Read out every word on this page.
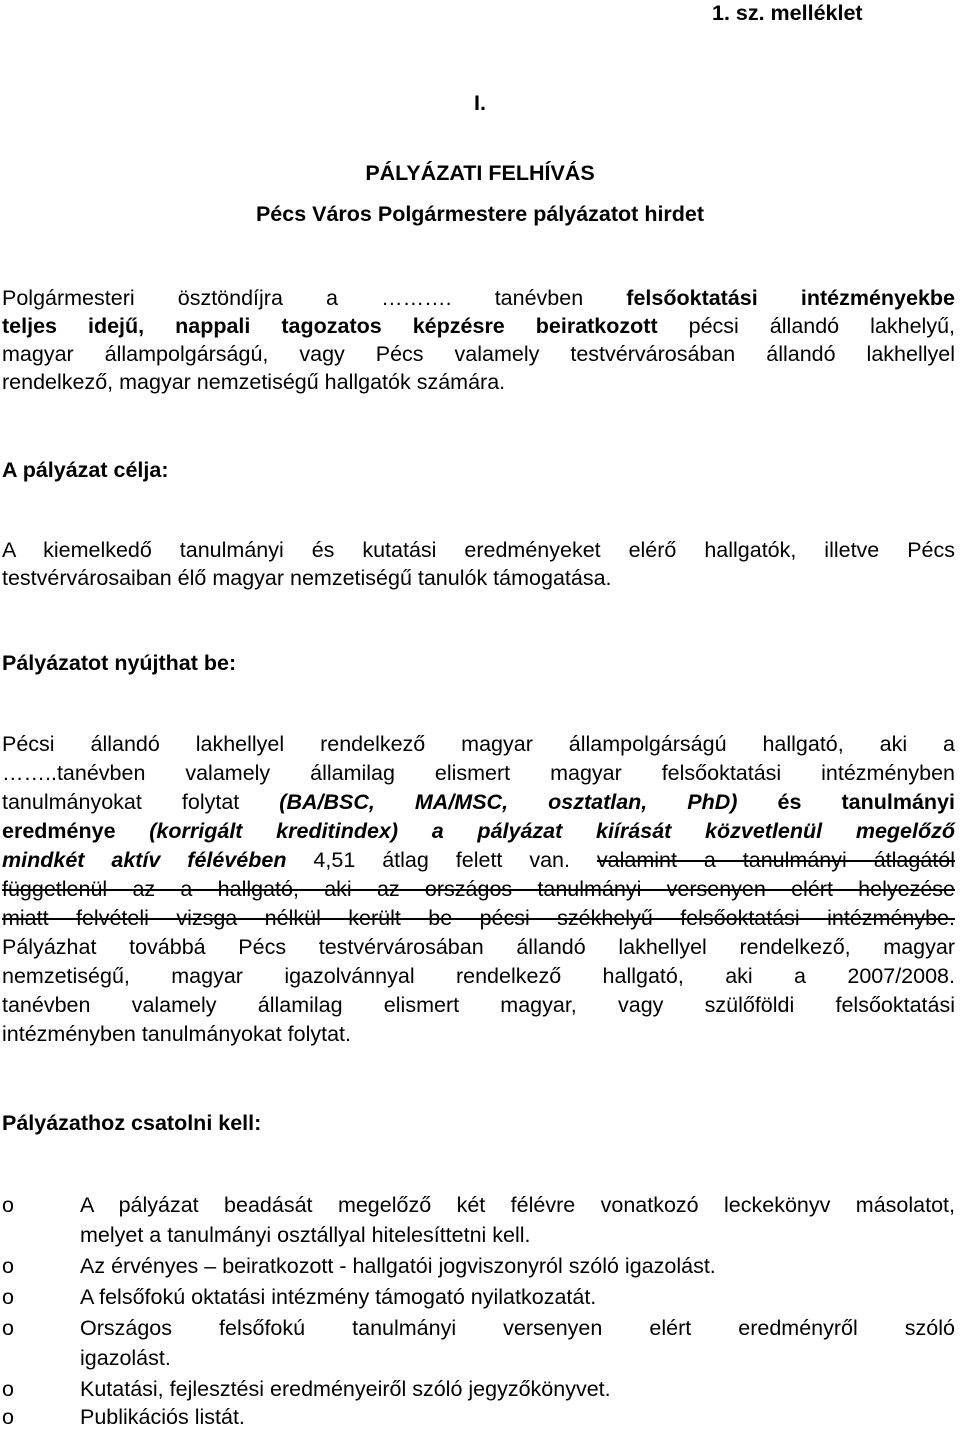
1. sz. melléklet
I.
PÁLYÁZATI FELHÍVÁS
Pécs Város Polgármestere pályázatot hirdet
Polgármesteri ösztöndíjra a ………. tanévben felsőoktatási intézményekbe
teljes idejű, nappali tagozatos képzésre beiratkozott pécsi állandó lakhelyű,
magyar állampolgárságú, vagy Pécs valamely testvérvárosában állandó lakhellyel
rendelkező, magyar nemzetiségű hallgatók számára.
A pályázat célja:
A kiemelkedő tanulmányi és kutatási eredményeket elérő hallgatók, illetve Pécs
testvérvárosaiban élő magyar nemzetiségű tanulók támogatása.
Pályázatot nyújthat be:
Pécsi állandó lakhellyel rendelkező magyar állampolgárságú hallgató, aki a
……..tanévben valamely államilag elismert magyar felsőoktatási intézményben
tanulmányokat folytat (BA/BSC, MA/MSC, osztatlan, PhD) és tanulmányi
eredménye (korrigált kreditindex) a pályázat kiírását közvetlenül megelőző
mindkét aktív félévében 4,51 átlag felett van. valamint a tanulmányi átlagától
függetlenül az a hallgató, aki az országos tanulmányi versenyen elért helyezése
miatt felvételi vizsga nélkül került be pécsi székhelyű felsőoktatási intézménybe.
Pályázhat továbbá Pécs testvérvárosában állandó lakhellyel rendelkező, magyar
nemzetiségű, magyar igazolvánnyal rendelkező hallgató, aki a 2007/2008.
tanévben valamely államilag elismert magyar, vagy szülőföldi felsőoktatási
intézményben tanulmányokat folytat.
Pályázathoz csatolni kell:
o	A pályázat beadását megelőző két félévre vonatkozó leckekönyv másolatot,
melyet a tanulmányi osztállyal hitelesíttetni kell.
o	Az érvényes – beiratkozott - hallgatói jogviszonyról szóló igazolást.
o	A felsőfokú oktatási intézmény támogató nyilatkozatát.
o	Országos felsőfokú tanulmányi versenyen elért eredményről szóló
igazolást.
o	Kutatási, fejlesztési eredményeiről szóló jegyzőkönyvet.
o	Publikációs listát.
